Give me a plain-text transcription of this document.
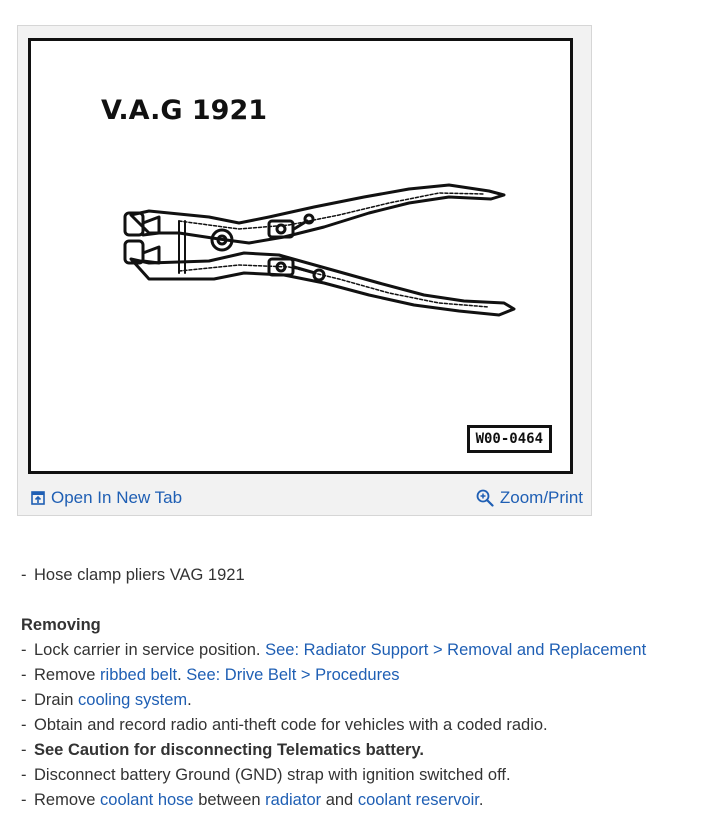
V.A.G 1921
W00-0464
Open In New Tab	Zoom/Print
- Hose clamp pliers VAG 1921
Removing
- Lock carrier in service position. See: Radiator Support > Removal and Replacement
- Remove ribbed belt. See: Drive Belt > Procedures
- Drain cooling system.
- Obtain and record radio anti-theft code for vehicles with a coded radio.
- See Caution for disconnecting Telematics battery.
- Disconnect battery Ground (GND) strap with ignition switched off.
- Remove coolant hose between radiator and coolant reservoir.
